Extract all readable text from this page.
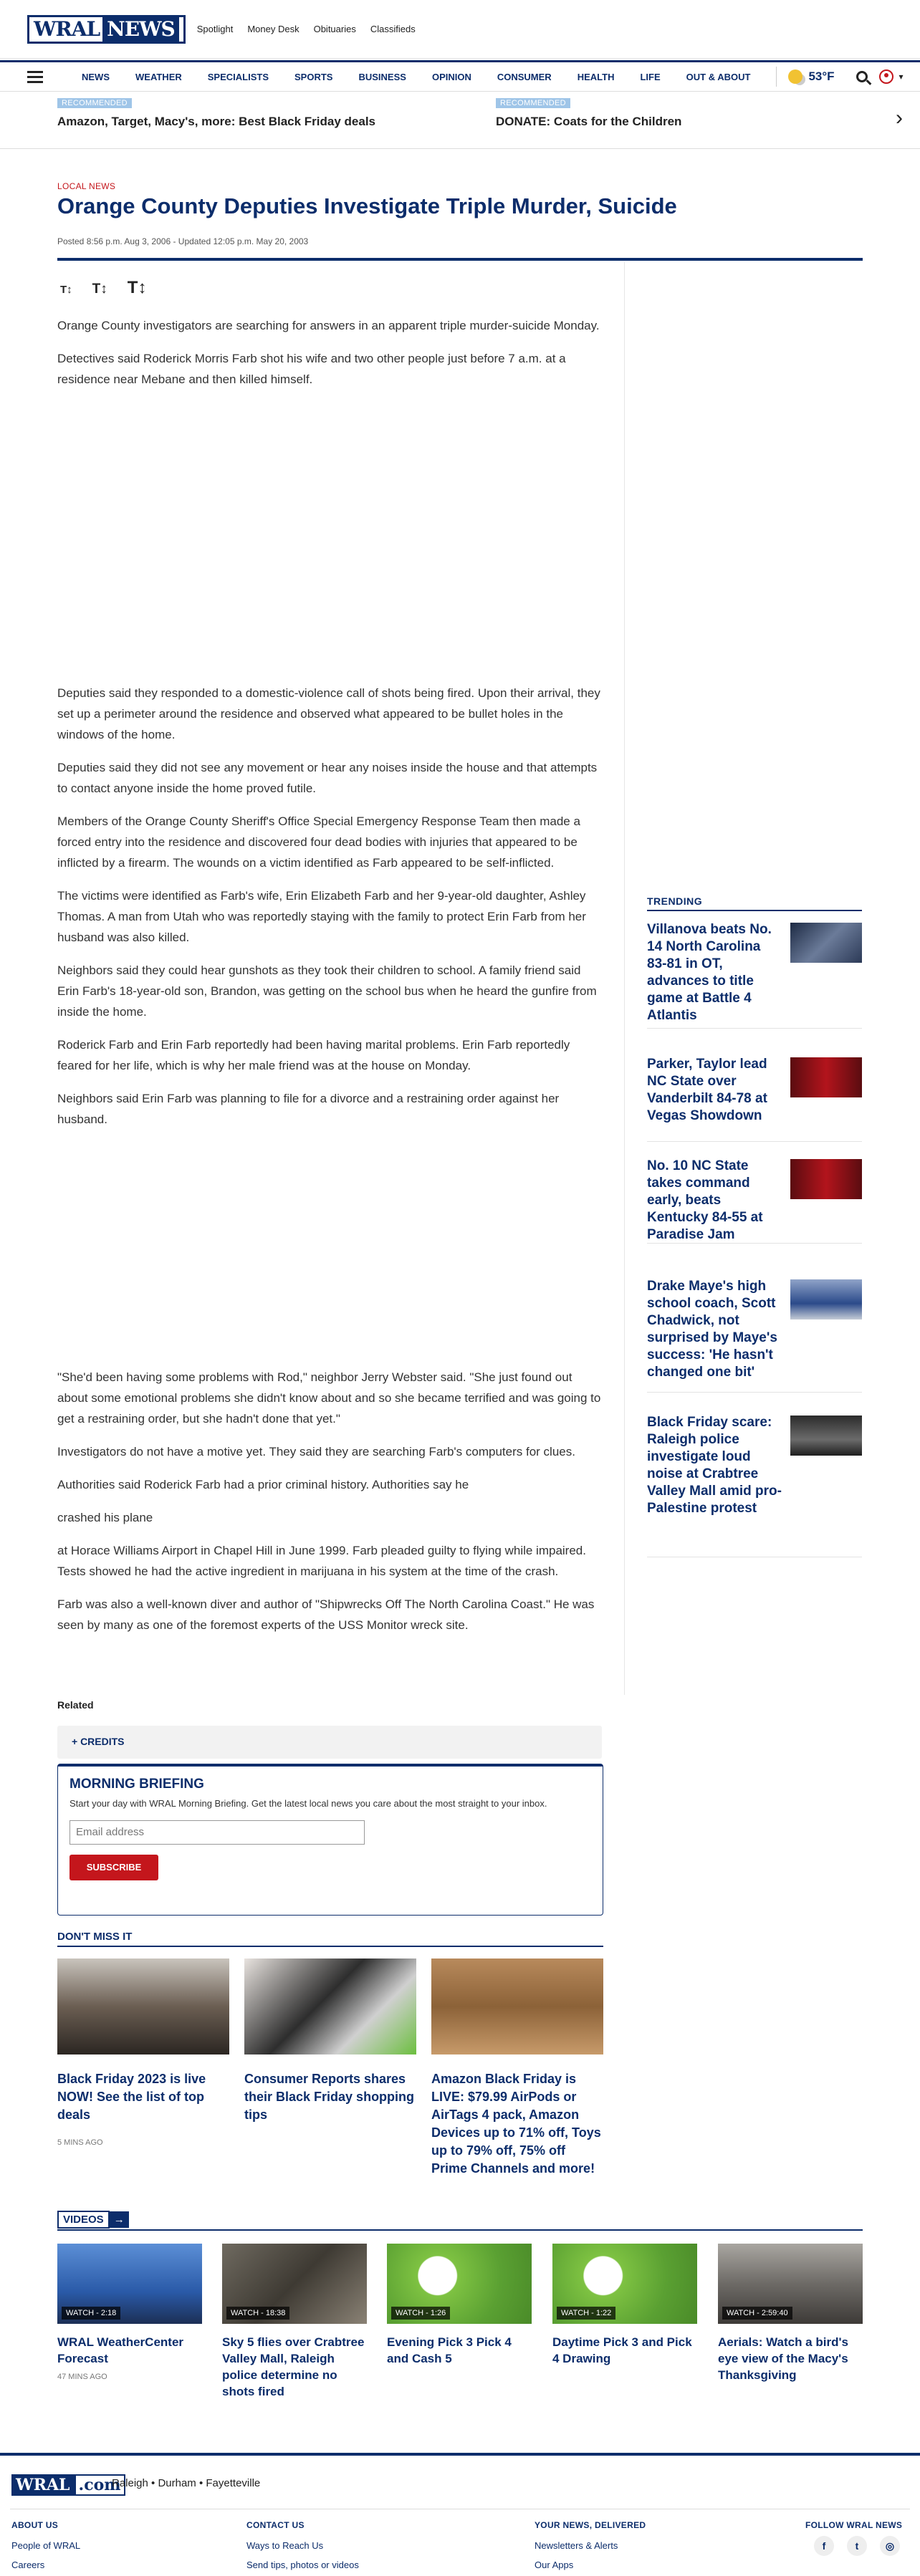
WRAL NEWS	Spotlight Money Desk Obituaries Classifieds
NEWS	WEATHER	SPECIALISTS	SPORTS	BUSINESS	OPINION	CONSUMER	HEALTH	LIFE	OUT & ABOUT	53°F	▾
RECOMMENDED
Amazon, Target, Macy's, more: Best Black Friday deals
RECOMMENDED
DONATE: Coats for the Children	›
LOCAL NEWS
Orange County Deputies Investigate Triple Murder, Suicide
Posted 8:56 p.m. Aug 3, 2006 - Updated 12:05 p.m. May 20, 2003
T↕ T↕ T↕

Orange County investigators are searching for answers in an apparent triple murder-suicide Monday.

Detectives said Roderick Morris Farb shot his wife and two other people just before 7 a.m. at a residence near Mebane and then killed himself.

Deputies said they responded to a domestic-violence call of shots being fired. Upon their arrival, they set up a perimeter around the residence and observed what appeared to be bullet holes in the windows of the home.

Deputies said they did not see any movement or hear any noises inside the house and that attempts to contact anyone inside the home proved futile.

Members of the Orange County Sheriff's Office Special Emergency Response Team then made a forced entry into the residence and discovered four dead bodies with injuries that appeared to be inflicted by a firearm. The wounds on a victim identified as Farb appeared to be self-inflicted.

The victims were identified as Farb's wife, Erin Elizabeth Farb and her 9-year-old daughter, Ashley Thomas. A man from Utah who was reportedly staying with the family to protect Erin Farb from her husband was also killed.

Neighbors said they could hear gunshots as they took their children to school. A family friend said Erin Farb's 18-year-old son, Brandon, was getting on the school bus when he heard the gunfire from inside the home.

Roderick Farb and Erin Farb reportedly had been having marital problems. Erin Farb reportedly feared for her life, which is why her male friend was at the house on Monday.

Neighbors said Erin Farb was planning to file for a divorce and a restraining order against her husband.

"She'd been having some problems with Rod," neighbor Jerry Webster said. "She just found out about some emotional problems she didn't know about and so she became terrified and was going to get a restraining order, but she hadn't done that yet."

Investigators do not have a motive yet. They said they are searching Farb's computers for clues.

Authorities said Roderick Farb had a prior criminal history. Authorities say he

crashed his plane

at Horace Williams Airport in Chapel Hill in June 1999. Farb pleaded guilty to flying while impaired. Tests showed he had the active ingredient in marijuana in his system at the time of the crash.

Farb was also a well-known diver and author of "Shipwrecks Off The North Carolina Coast." He was seen by many as one of the foremost experts of the USS Monitor wreck site.

TRENDING
Villanova beats No. 14 North Carolina 83-81 in OT, advances to title game at Battle 4 Atlantis
Parker, Taylor lead NC State over Vanderbilt 84-78 at Vegas Showdown
No. 10 NC State takes command early, beats Kentucky 84-55 at Paradise Jam
Drake Maye's high school coach, Scott Chadwick, not surprised by Maye's success: 'He hasn't changed one bit'
Black Friday scare: Raleigh police investigate loud noise at Crabtree Valley Mall amid pro-Palestine protest
Related
+ CREDITS
MORNING BRIEFING

Start your day with WRAL Morning Briefing. Get the latest local news you care about the most straight to your inbox.

Email address
SUBSCRIBE
DON'T MISS IT
Black Friday 2023 is live NOW! See the list of top deals
5 MINS AGO
Consumer Reports shares their Black Friday shopping tips
Amazon Black Friday is LIVE: $79.99 AirPods or AirTags 4 pack, Amazon Devices up to 71% off, Toys up to 79% off, 75% off Prime Channels and more!
VIDEOS →
WATCH - 2:18
WRAL WeatherCenter Forecast
47 MINS AGO
WATCH - 18:38
Sky 5 flies over Crabtree Valley Mall, Raleigh police determine no shots fired
WATCH - 1:26
Evening Pick 3 Pick 4 and Cash 5
WATCH - 1:22
Daytime Pick 3 and Pick 4 Drawing
WATCH - 2:59:40
Aerials: Watch a bird's eye view of the Macy's Thanksgiving
WRAL .com
Raleigh • Durham • Fayetteville
ABOUT US
People of WRAL
Careers
CONTACT US
Ways to Reach Us
Send tips, photos or videos
YOUR NEWS, DELIVERED
Newsletters & Alerts
Our Apps
FOLLOW WRAL NEWS
f	t	◎
